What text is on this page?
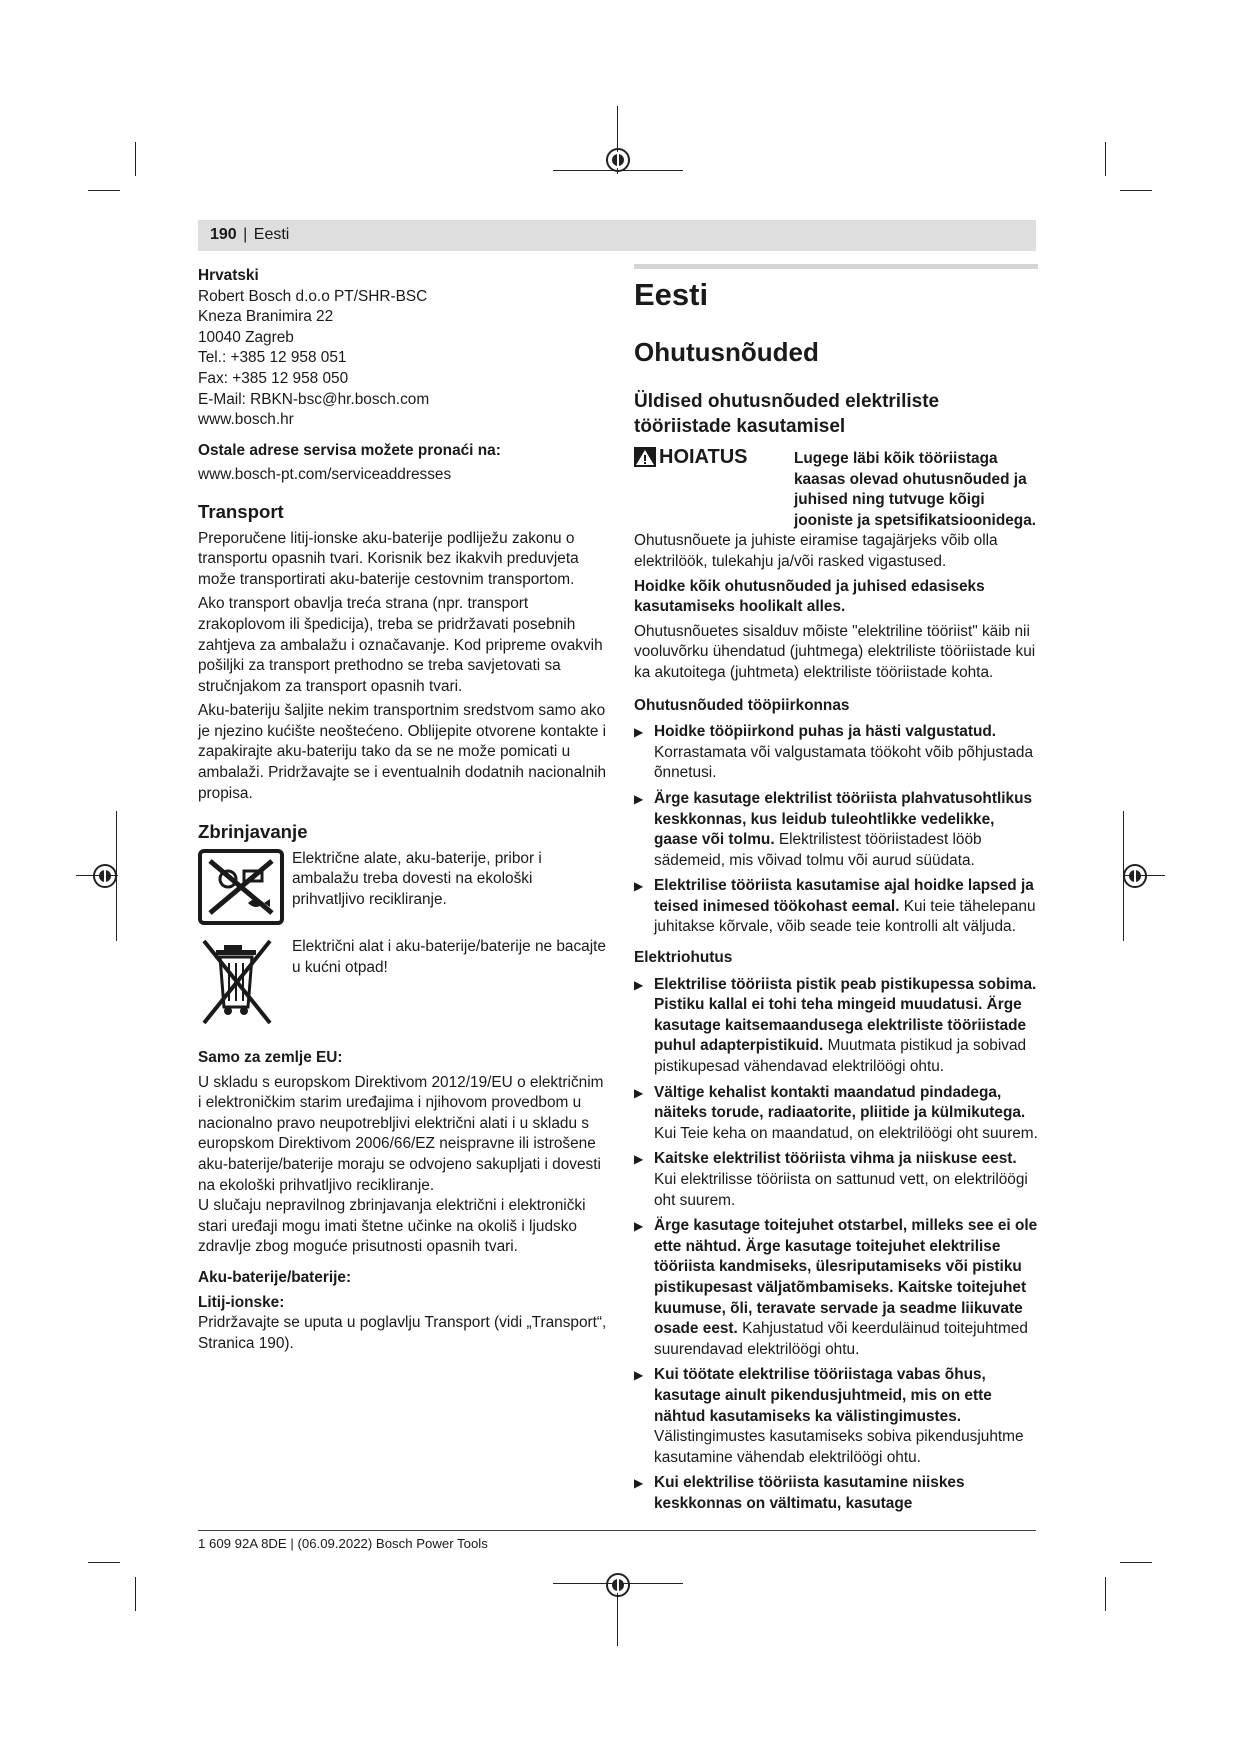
190 | Eesti

Hrvatski

Robert Bosch d.o.o PT/SHR-BSC

Kneza Branimira 22

10040 Zagreb

Tel.: +385 12 958 051

Fax: +385 12 958 050

E-Mail: RBKN-bsc@hr.bosch.com

www.bosch.hr

Ostale adrese servisa možete pronaći na:

www.bosch-pt.com/serviceaddresses

Transport

Preporučene litij-ionske aku-baterije podliježu zakonu o transportu opasnih tvari. Korisnik bez ikakvih preduvjeta može transportirati aku-baterije cestovnim transportom.

Ako transport obavlja treća strana (npr. transport zrakoplovom ili špedicija), treba se pridržavati posebnih zahtjeva za ambalažu i označavanje. Kod pripreme ovakvih pošiljki za transport prethodno se treba savjetovati sa stručnjakom za transport opasnih tvari.

Aku-bateriju šaljite nekim transportnim sredstvom samo ako je njezino kućište neoštećeno. Oblijepite otvorene kontakte i zapakirajte aku-bateriju tako da se ne može pomicati u ambalaži. Pridržavajte se i eventualnih dodatnih nacionalnih propisa.

Zbrinjavanje

Električne alate, aku-baterije, pribor i ambalažu treba dovesti na ekološki prihvatljivo recikliranje.

Električni alat i aku-baterije/baterije ne bacajte u kućni otpad!

Samo za zemlje EU:

U skladu s europskom Direktivom 2012/19/EU o električnim i elektroničkim starim uređajima i njihovom provedbom u nacionalno pravo neupotrebljivi električni alati i u skladu s europskom Direktivom 2006/66/EZ neispravne ili istrošene aku-baterije/baterije moraju se odvojeno sakupljati i dovesti na ekološki prihvatljivo recikliranje.

U slučaju nepravilnog zbrinjavanja električni i elektronički stari uređaji mogu imati štetne učinke na okoliš i ljudsko zdravlje zbog moguće prisutnosti opasnih tvari.

Aku-baterije/baterije:

Litij-ionske:

Pridržavajte se uputa u poglavlju Transport (vidi „Transport“, Stranica 190).

Eesti
Ohutusnõuded
Üldised ohutusnõuded elektriliste tööriistade kasutamisel
HOIATUS	Lugege läbi kõik tööriistaga kaasas olevad ohutusnõuded ja juhised ning tutvuge kõigi jooniste ja spetsifikatsioonidega.

Ohutusnõuete ja juhiste eiramise tagajärjeks võib olla elektrilöök, tulekahju ja/või rasked vigastused.

Hoidke kõik ohutusnõuded ja juhised edasiseks kasutamiseks hoolikalt alles.

Ohutusnõuetes sisalduv mõiste "elektriline tööriist" käib nii vooluvõrku ühendatud (juhtmega) elektriliste tööriistade kui ka akutoitega (juhtmeta) elektriliste tööriistade kohta.

Ohutusnõuded tööpiirkonnas
▶ Hoidke tööpiirkond puhas ja hästi valgustatud. Korrastamata või valgustamata töökoht võib põhjustada õnnetusi.
▶ Ärge kasutage elektrilist tööriista plahvatusohtlikus keskkonnas, kus leidub tuleohtlikke vedelikke, gaase või tolmu. Elektrilistest tööriistadest lööb sädemeid, mis võivad tolmu või aurud süüdata.
▶ Elektrilise tööriista kasutamise ajal hoidke lapsed ja teised inimesed töökohast eemal. Kui teie tähelepanu juhitakse kõrvale, võib seade teie kontrolli alt väljuda.
Elektriohutus
▶ Elektrilise tööriista pistik peab pistikupessa sobima. Pistiku kallal ei tohi teha mingeid muudatusi. Ärge kasutage kaitsemaandusega elektriliste tööriistade puhul adapterpistikuid. Muutmata pistikud ja sobivad pistikupesad vähendavad elektrilöögi ohtu.
▶ Vältige kehalist kontakti maandatud pindadega, näiteks torude, radiaatorite, pliitide ja külmikutega. Kui Teie keha on maandatud, on elektrilöögi oht suurem.
▶ Kaitske elektrilist tööriista vihma ja niiskuse eest. Kui elektrilisse tööriista on sattunud vett, on elektrilöögi oht suurem.
▶ Ärge kasutage toitejuhet otstarbel, milleks see ei ole ette nähtud. Ärge kasutage toitejuhet elektrilise tööriista kandmiseks, ülesriputamiseks või pistiku pistikupesast väljatõmbamiseks. Kaitske toitejuhet kuumuse, õli, teravate servade ja seadme liikuvate osade eest. Kahjustatud või keerduläinud toitejuhtmed suurendavad elektrilöögi ohtu.
▶ Kui töötate elektrilise tööriistaga vabas õhus, kasutage ainult pikendusjuhtmeid, mis on ette nähtud kasutamiseks ka välistingimustes. Välistingimustes kasutamiseks sobiva pikendusjuhtme kasutamine vähendab elektrilöögi ohtu.
▶ Kui elektrilise tööriista kasutamine niiskes keskkonnas on vältimatu, kasutage
1 609 92A 8DE | (06.09.2022) Bosch Power Tools
